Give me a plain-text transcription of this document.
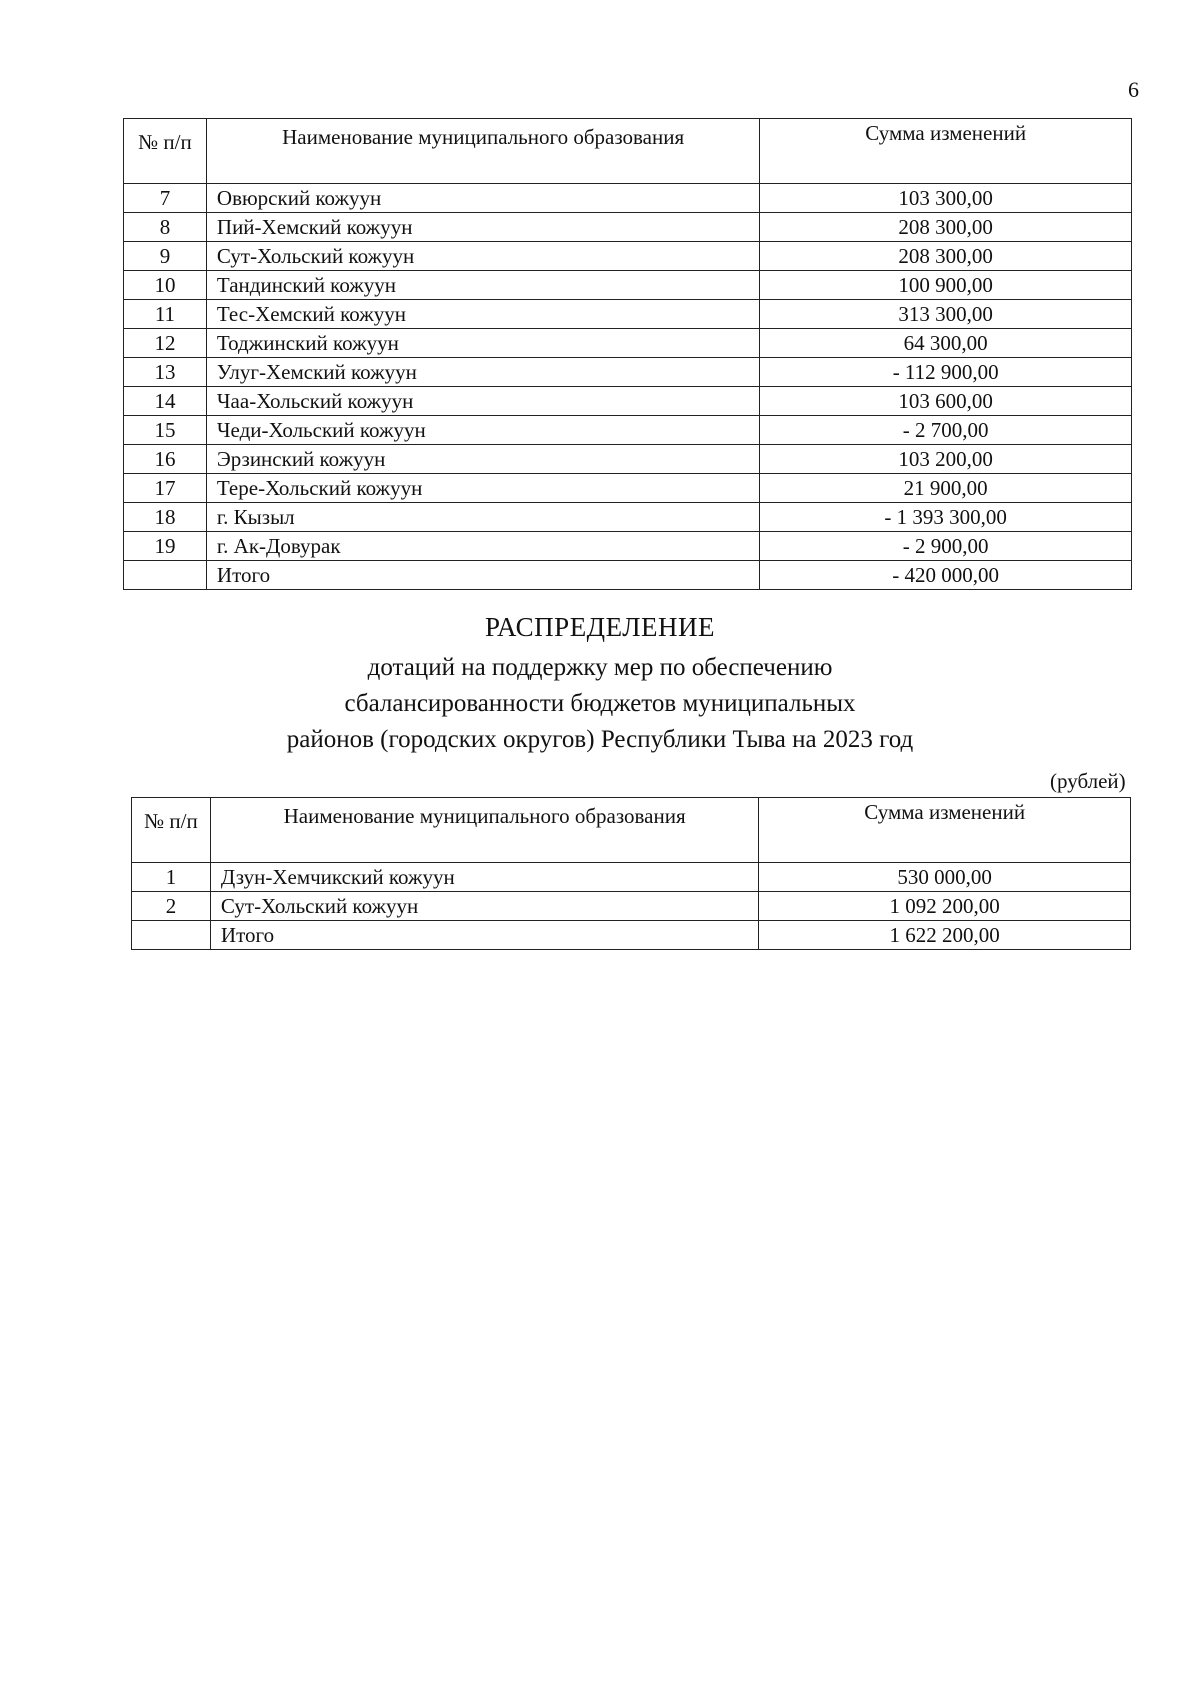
6
№ п/п	Наименование муниципального образования	Сумма изменений
7	Овюрский кожуун	103 300,00
8	Пий-Хемский кожуун	208 300,00
9	Сут-Хольский кожуун	208 300,00
10	Тандинский кожуун	100 900,00
11	Тес-Хемский кожуун	313 300,00
12	Тоджинский кожуун	64 300,00
13	Улуг-Хемский кожуун	- 112 900,00
14	Чаа-Хольский кожуун	103 600,00
15	Чеди-Хольский кожуун	- 2 700,00
16	Эрзинский кожуун	103 200,00
17	Тере-Хольский кожуун	21 900,00
18	г. Кызыл	- 1 393 300,00
19	г. Ак-Довурак	- 2 900,00
	Итого	- 420 000,00
РАСПРЕДЕЛЕНИЕ
дотаций на поддержку мер по обеспечению
сбалансированности бюджетов муниципальных
районов (городских округов) Республики Тыва на 2023 год
(рублей)
№ п/п	Наименование муниципального образования	Сумма изменений
1	Дзун-Хемчикский кожуун	530 000,00
2	Сут-Хольский кожуун	1 092 200,00
	Итого	1 622 200,00
